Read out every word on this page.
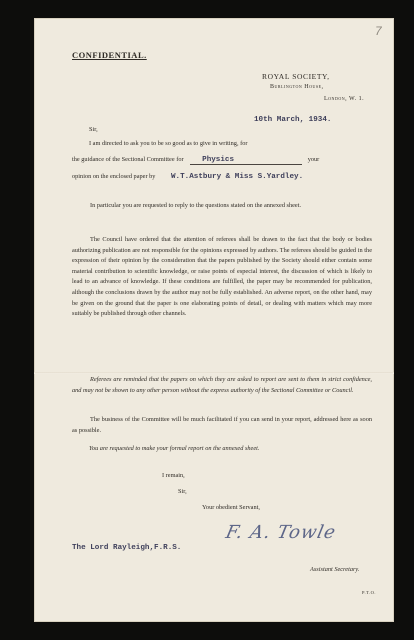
7
CONFIDENTIAL.
ROYAL SOCIETY,
Burlington House,
London, W. 1.
10th March, 1934.
Sir,
I am directed to ask you to be so good as to give in writing, for
the guidance of the Sectional Committee for Physics	your
opinion on the enclosed paper by W.T.Astbury & Miss S.Yardley.

In particular you are requested to reply to the questions stated on the annexed sheet.

The Council have ordered that the attention of referees shall be drawn to the fact that the body or bodies authorizing publication are not responsible for the opinions expressed by authors. The referees should be guided in the expression of their opinion by the consideration that the papers published by the Society should either contain some material contribution to scientific knowledge, or raise points of especial interest, the discussion of which is likely to lead to an advance of knowledge. If these conditions are fulfilled, the paper may be recommended for publication, although the conclusions drawn by the author may not be fully established. An adverse report, on the other hand, may be given on the ground that the paper is one elaborating points of detail, or dealing with matters which may more suitably be published through other channels.

Referees are reminded that the papers on which they are asked to report are sent to them in strict confidence, and may not be shown to any other person without the express authority of the Sectional Committee or Council.

The business of the Committee will be much facilitated if you can send in your report, addressed here as soon as possible.

You are requested to make your formal report on the annexed sheet.

I remain,
Sir,
Your obedient Servant,
F. A. Towle
The Lord Rayleigh,F.R.S.
Assistant Secretary.
P.T.O.
